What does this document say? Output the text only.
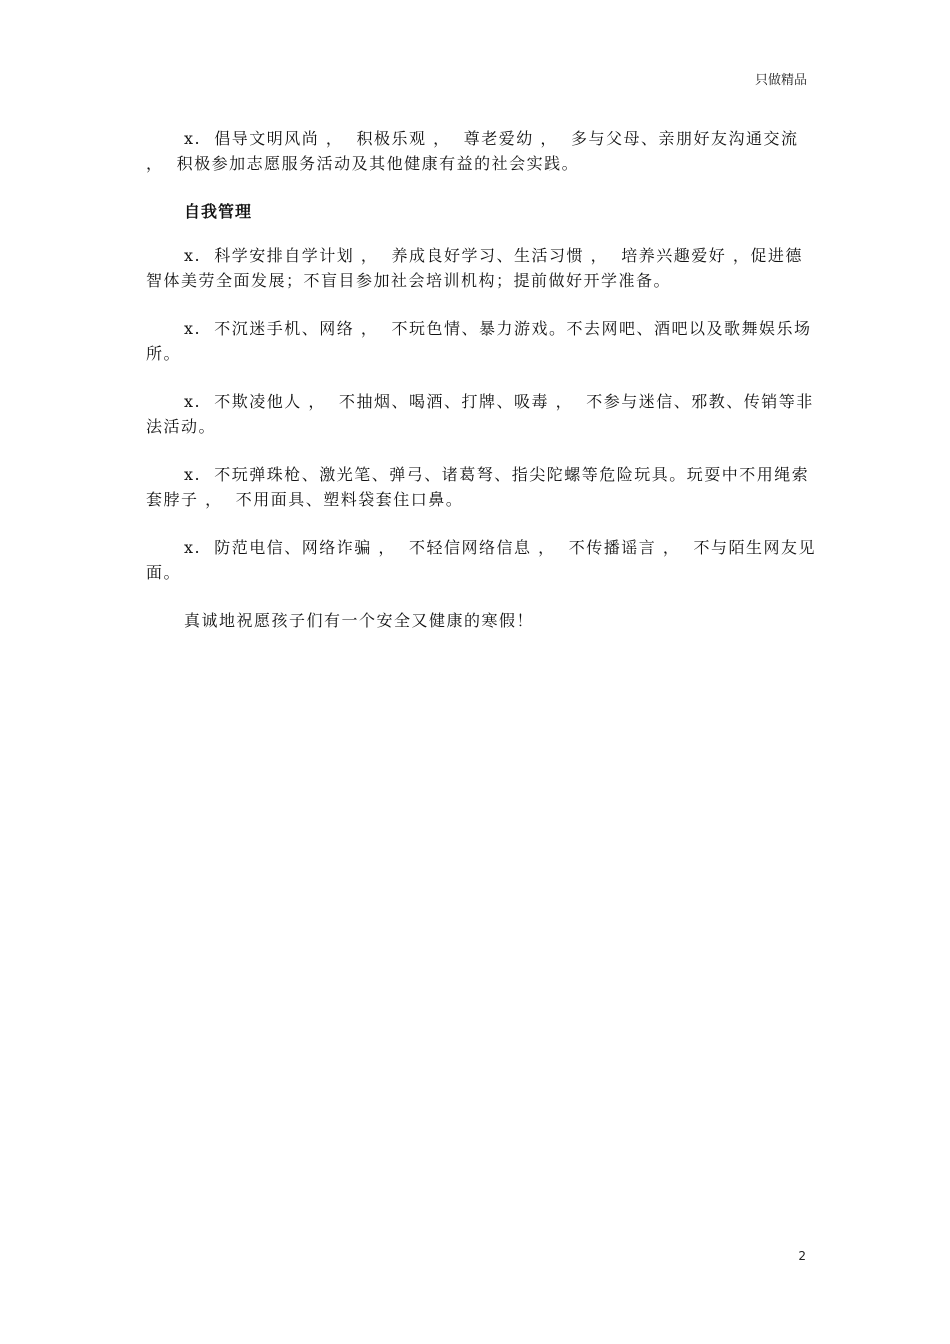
只做精品

x.  倡导文明风尚 ，  积极乐观 ，  尊老爱幼 ，  多与父母、亲朋好友沟通交流 ，  积极参加志愿服务活动及其他健康有益的社会实践。

自我管理

x.  科学安排自学计划 ，  养成良好学习、生活习惯 ，  培养兴趣爱好 ，促进德智体美劳全面发展；不盲目参加社会培训机构；提前做好开学准备。

x.  不沉迷手机、网络 ，  不玩色情、暴力游戏。不去网吧、酒吧以及歌舞娱乐场所。

x.  不欺凌他人 ，  不抽烟、喝酒、打牌、吸毒 ，  不参与迷信、邪教、传销等非法活动。

x.  不玩弹珠枪、激光笔、弹弓、诸葛弩、指尖陀螺等危险玩具。玩耍中不用绳索套脖子 ，  不用面具、塑料袋套住口鼻。

x.  防范电信、网络诈骗 ，  不轻信网络信息 ，  不传播谣言 ，  不与陌生网友见面。

真诚地祝愿孩子们有一个安全又健康的寒假！

2
